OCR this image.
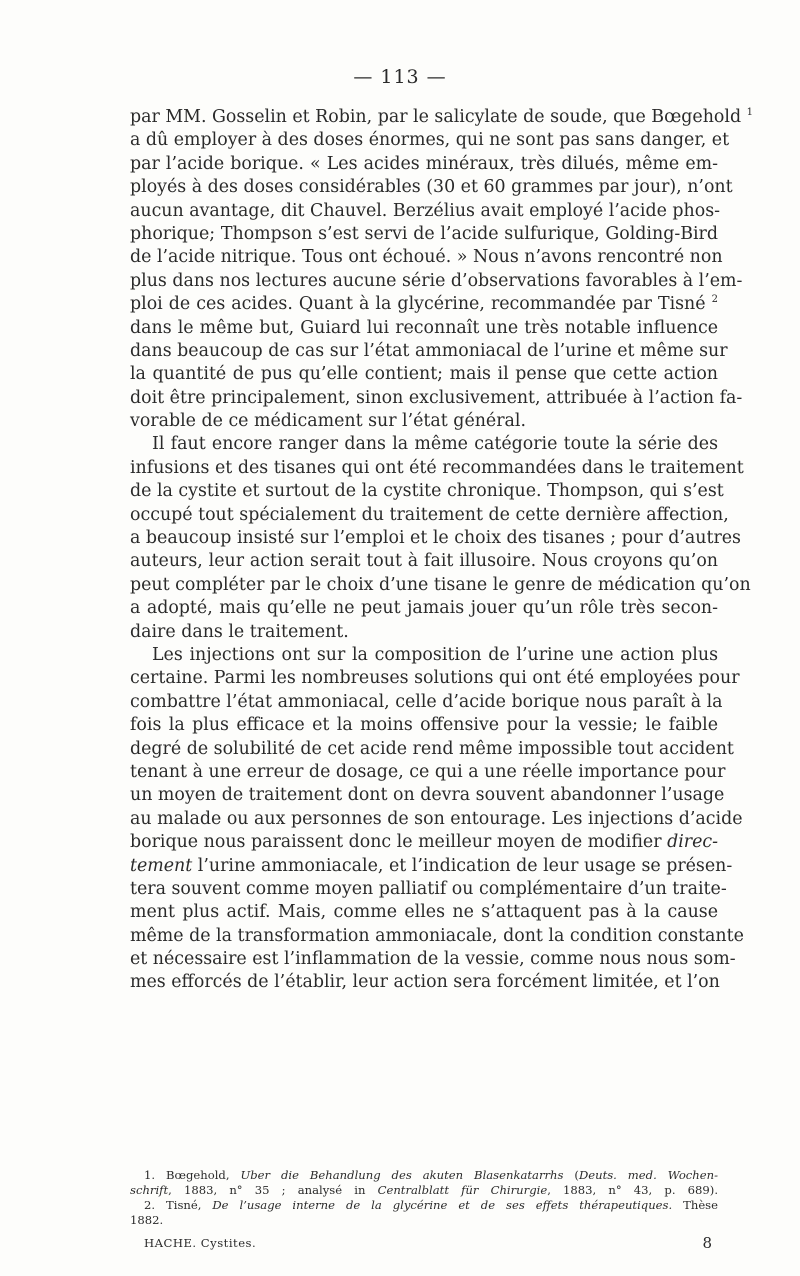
— 113 —
par MM. Gosselin et Robin, par le salicylate de soude, que Bœgehold $^1$
a dû employer à des doses énormes, qui ne sont pas sans danger, et
par l’acide borique. « Les acides minéraux, très dilués, même em-
ployés à des doses considérables (30 et 60 grammes par jour), n’ont
aucun avantage, dit Chauvel. Berzélius avait employé l’acide phos-
phorique; Thompson s’est servi de l’acide sulfurique, Golding-Bird
de l’acide nitrique. Tous ont échoué. » Nous n’avons rencontré non
plus dans nos lectures aucune série d’observations favorables à l’em-
ploi de ces acides. Quant à la glycérine, recommandée par Tisné $^2$
dans le même but, Guiard lui reconnaît une très notable influence
dans beaucoup de cas sur l’état ammoniacal de l’urine et même sur
la quantité de pus qu’elle contient; mais il pense que cette action
doit être principalement, sinon exclusivement, attribuée à l’action fa-
vorable de ce médicament sur l’état général.
Il faut encore ranger dans la même catégorie toute la série des
infusions et des tisanes qui ont été recommandées dans le traitement
de la cystite et surtout de la cystite chronique. Thompson, qui s’est
occupé tout spécialement du traitement de cette dernière affection,
a beaucoup insisté sur l’emploi et le choix des tisanes ; pour d’autres
auteurs, leur action serait tout à fait illusoire. Nous croyons qu’on
peut compléter par le choix d’une tisane le genre de médication qu’on
a adopté, mais qu’elle ne peut jamais jouer qu’un rôle très secon-
daire dans le traitement.
Les injections ont sur la composition de l’urine une action plus
certaine. Parmi les nombreuses solutions qui ont été employées pour
combattre l’état ammoniacal, celle d’acide borique nous paraît à la
fois la plus efficace et la moins offensive pour la vessie; le faible
degré de solubilité de cet acide rend même impossible tout accident
tenant à une erreur de dosage, ce qui a une réelle importance pour
un moyen de traitement dont on devra souvent abandonner l’usage
au malade ou aux personnes de son entourage. Les injections d’acide
borique nous paraissent donc le meilleur moyen de modifier direc-
tement l’urine ammoniacale, et l’indication de leur usage se présen-
tera souvent comme moyen palliatif ou complémentaire d’un traite-
ment plus actif. Mais, comme elles ne s’attaquent pas à la cause
même de la transformation ammoniacale, dont la condition constante
et nécessaire est l’inflammation de la vessie, comme nous nous som-
mes efforcés de l’établir, leur action sera forcément limitée, et l’on
1. Bœgehold, Uber die Behandlung des akuten Blasenkatarrhs (Deuts. med. Wochen-
schrift, 1883, n° 35 ; analysé in Centralblatt für Chirurgie, 1883, n° 43, p. 689).
2. Tisné, De l’usage interne de la glycérine et de ses effets thérapeutiques. Thèse
1882.
HACHE. Cystites.	8
